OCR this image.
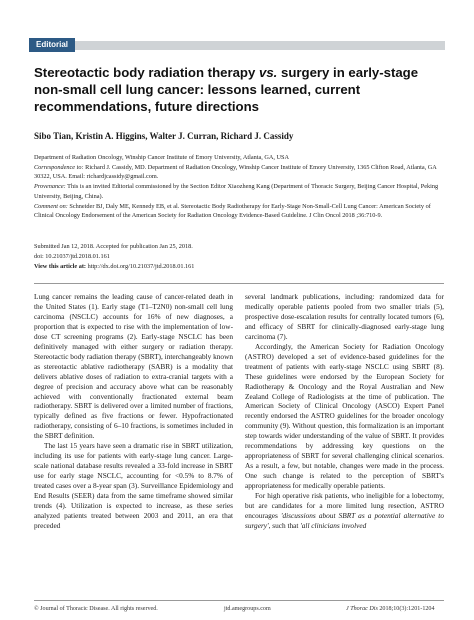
Editorial
Stereotactic body radiation therapy vs. surgery in early-stage non-small cell lung cancer: lessons learned, current recommendations, future directions

Sibo Tian, Kristin A. Higgins, Walter J. Curran, Richard J. Cassidy

Department of Radiation Oncology, Winship Cancer Institute of Emory University, Atlanta, GA, USA

Correspondence to: Richard J. Cassidy, MD. Department of Radiation Oncology, Winship Cancer Institute of Emory University, 1365 Clifton Road, Atlanta, GA 30322, USA. Email: richardjcassidy@gmail.com.

Provenance: This is an invited Editorial commissioned by the Section Editor Xiaozheng Kang (Department of Thoracic Surgery, Beijing Cancer Hospital, Peking University, Beijing, China).

Comment on: Schneider BJ, Daly ME, Kennedy EB, et al. Stereotactic Body Radiotherapy for Early-Stage Non-Small-Cell Lung Cancer: American Society of Clinical Oncology Endorsement of the American Society for Radiation Oncology Evidence-Based Guideline. J Clin Oncol 2018 ;36:710-9.

Submitted Jan 12, 2018. Accepted for publication Jan 25, 2018.

doi: 10.21037/jtd.2018.01.161

View this article at: http://dx.doi.org/10.21037/jtd.2018.01.161

Lung cancer remains the leading cause of cancer-related death in the United States (1). Early stage (T1–T2N0) non-small cell lung carcinoma (NSCLC) accounts for 16% of new diagnoses, a proportion that is expected to rise with the implementation of low-dose CT screening programs (2). Early-stage NSCLC has been definitively managed with either surgery or radiation therapy. Stereotactic body radiation therapy (SBRT), interchangeably known as stereotactic ablative radiotherapy (SABR) is a modality that delivers ablative doses of radiation to extra-cranial targets with a degree of precision and accuracy above what can be reasonably achieved with conventionally fractionated external beam radiotherapy. SBRT is delivered over a limited number of fractions, typically defined as five fractions or fewer. Hypofractionated radiotherapy, consisting of 6–10 fractions, is sometimes included in the SBRT definition.

The last 15 years have seen a dramatic rise in SBRT utilization, including its use for patients with early-stage lung cancer. Large-scale national database results revealed a 33-fold increase in SBRT use for early stage NSCLC, accounting for <0.5% to 8.7% of treated cases over a 8-year span (3). Surveillance Epidemiology and End Results (SEER) data from the same timeframe showed similar trends (4). Utilization is expected to increase, as these series analyzed patients treated between 2003 and 2011, an era that preceded

several landmark publications, including: randomized data for medically operable patients pooled from two smaller trials (5), prospective dose-escalation results for centrally located tumors (6), and efficacy of SBRT for clinically-diagnosed early-stage lung carcinoma (7).

Accordingly, the American Society for Radiation Oncology (ASTRO) developed a set of evidence-based guidelines for the treatment of patients with early-stage NSCLC using SBRT (8). These guidelines were endorsed by the European Society for Radiotherapy & Oncology and the Royal Australian and New Zealand College of Radiologists at the time of publication. The American Society of Clinical Oncology (ASCO) Expert Panel recently endorsed the ASTRO guidelines for the broader oncology community (9). Without question, this formalization is an important step towards wider understanding of the value of SBRT. It provides recommendations by addressing key questions on the appropriateness of SBRT for several challenging clinical scenarios. As a result, a few, but notable, changes were made in the process. One such change is related to the perception of SBRT's appropriateness for medically operable patients.

For high operative risk patients, who ineligible for a lobectomy, but are candidates for a more limited lung resection, ASTRO encourages 'discussions about SBRT as a potential alternative to surgery', such that 'all clinicians involved

© Journal of Thoracic Disease. All rights reserved.	jtd.amegroups.com	J Thorac Dis 2018;10(3):1201-1204
